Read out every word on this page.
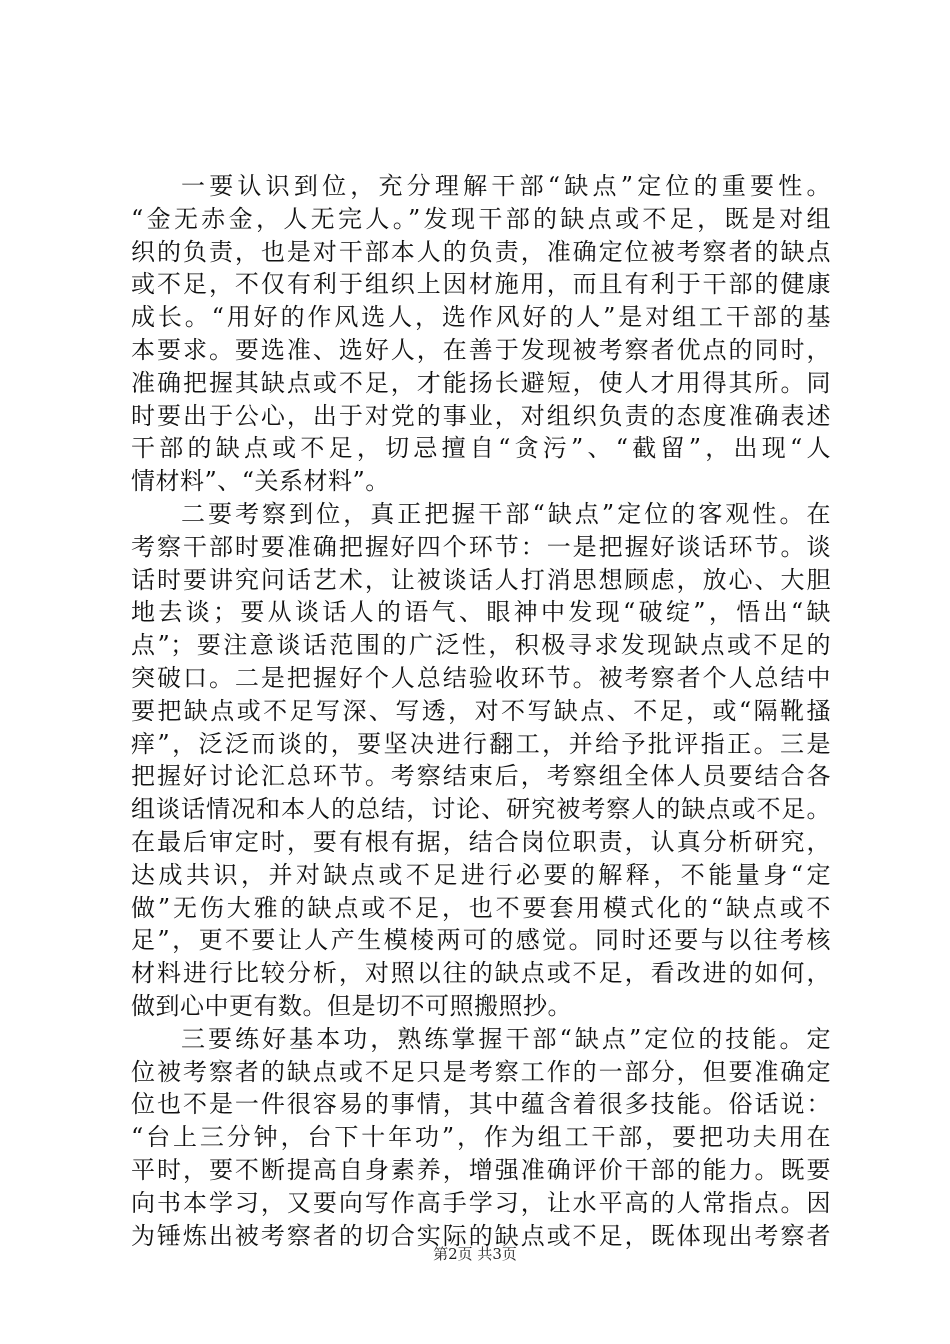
一要认识到位，充分理解干部“缺点”定位的重要性。
“金无赤金，人无完人。”发现干部的缺点或不足，既是对组
织的负责，也是对干部本人的负责，准确定位被考察者的缺点
或不足，不仅有利于组织上因材施用，而且有利于干部的健康
成长。“用好的作风选人，选作风好的人”是对组工干部的基
本要求。要选准、选好人，在善于发现被考察者优点的同时，
准确把握其缺点或不足，才能扬长避短，使人才用得其所。同
时要出于公心，出于对党的事业，对组织负责的态度准确表述
干部的缺点或不足，切忌擅自“贪污”、“截留”，出现“人
情材料”、“关系材料”。
二要考察到位，真正把握干部“缺点”定位的客观性。在
考察干部时要准确把握好四个环节：一是把握好谈话环节。谈
话时要讲究问话艺术，让被谈话人打消思想顾虑，放心、大胆
地去谈；要从谈话人的语气、眼神中发现“破绽”，悟出“缺
点”；要注意谈话范围的广泛性，积极寻求发现缺点或不足的
突破口。二是把握好个人总结验收环节。被考察者个人总结中
要把缺点或不足写深、写透，对不写缺点、不足，或“隔靴搔
痒”，泛泛而谈的，要坚决进行翻工，并给予批评指正。三是
把握好讨论汇总环节。考察结束后，考察组全体人员要结合各
组谈话情况和本人的总结，讨论、研究被考察人的缺点或不足。
在最后审定时，要有根有据，结合岗位职责，认真分析研究，
达成共识，并对缺点或不足进行必要的解释，不能量身“定
做”无伤大雅的缺点或不足，也不要套用模式化的“缺点或不
足”，更不要让人产生模棱两可的感觉。同时还要与以往考核
材料进行比较分析，对照以往的缺点或不足，看改进的如何，
做到心中更有数。但是切不可照搬照抄。
三要练好基本功，熟练掌握干部“缺点”定位的技能。定
位被考察者的缺点或不足只是考察工作的一部分，但要准确定
位也不是一件很容易的事情，其中蕴含着很多技能。俗话说：
“台上三分钟，台下十年功”，作为组工干部，要把功夫用在
平时，要不断提高自身素养，增强准确评价干部的能力。既要
向书本学习，又要向写作高手学习，让水平高的人常指点。因
为锤炼出被考察者的切合实际的缺点或不足，既体现出考察者
第2页 共3页
